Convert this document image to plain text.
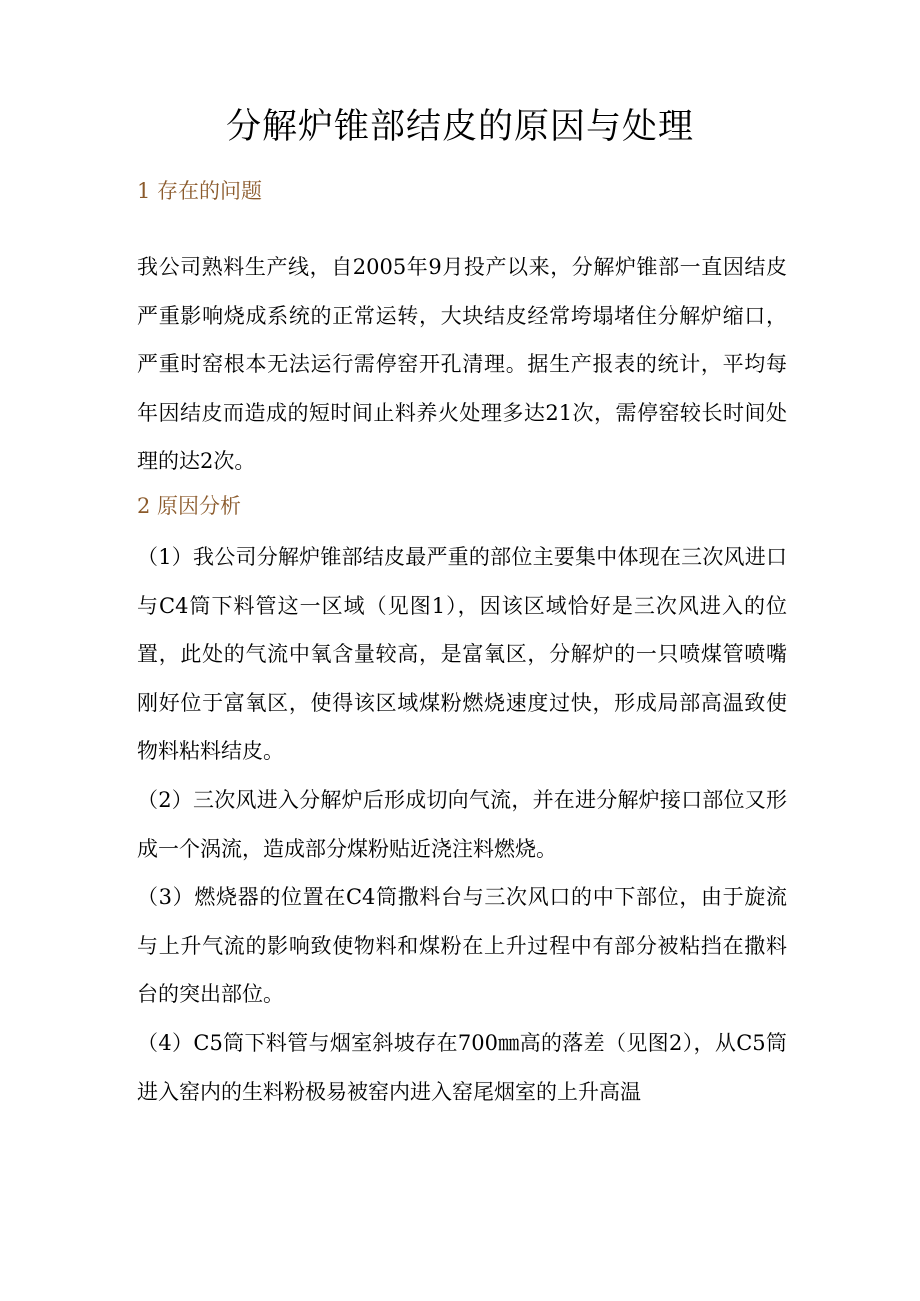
分解炉锥部结皮的原因与处理
1 存在的问题

我公司熟料生产线，自2005年9月投产以来，分解炉锥部一直因结皮严重影响烧成系统的正常运转，大块结皮经常垮塌堵住分解炉缩口，严重时窑根本无法运行需停窑开孔清理。据生产报表的统计，平均每年因结皮而造成的短时间止料养火处理多达21次，需停窑较长时间处理的达2次。

2 原因分析

（1）我公司分解炉锥部结皮最严重的部位主要集中体现在三次风进口与C4筒下料管这一区域（见图1），因该区域恰好是三次风进入的位置，此处的气流中氧含量较高，是富氧区，分解炉的一只喷煤管喷嘴刚好位于富氧区，使得该区域煤粉燃烧速度过快，形成局部高温致使物料粘料结皮。

（2）三次风进入分解炉后形成切向气流，并在进分解炉接口部位又形成一个涡流，造成部分煤粉贴近浇注料燃烧。

（3）燃烧器的位置在C4筒撒料台与三次风口的中下部位，由于旋流与上升气流的影响致使物料和煤粉在上升过程中有部分被粘挡在撒料台的突出部位。

（4）C5筒下料管与烟室斜坡存在700㎜高的落差（见图2），从C5筒进入窑内的生料粉极易被窑内进入窑尾烟室的上升高温
